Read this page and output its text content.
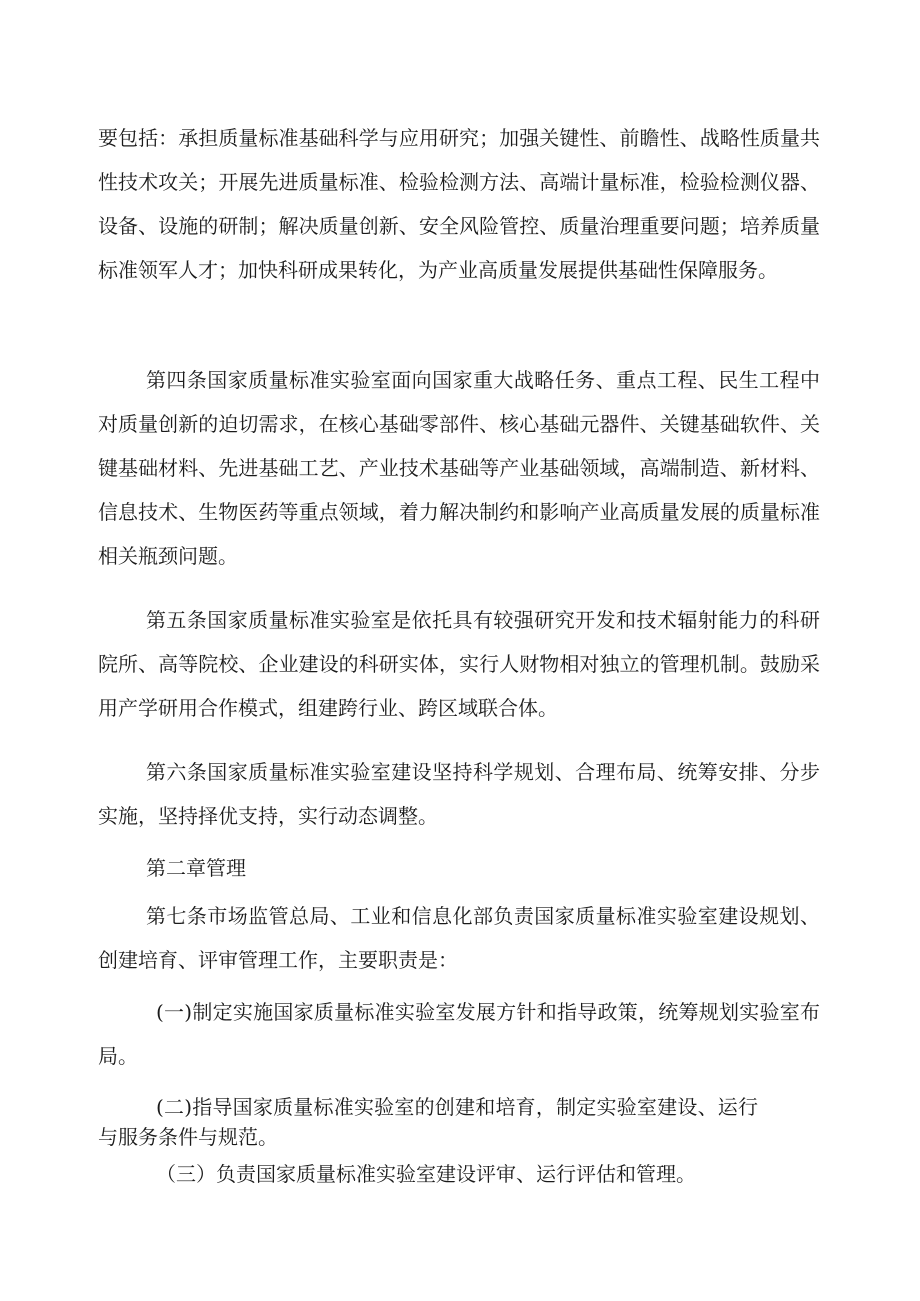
要包括：承担质量标准基础科学与应用研究；加强关键性、前瞻性、战略性质量共性技术攻关；开展先进质量标准、检验检测方法、高端计量标准，检验检测仪器、设备、设施的研制；解决质量创新、安全风险管控、质量治理重要问题；培养质量标准领军人才；加快科研成果转化，为产业高质量发展提供基础性保障服务。

第四条国家质量标准实验室面向国家重大战略任务、重点工程、民生工程中对质量创新的迫切需求，在核心基础零部件、核心基础元器件、关键基础软件、关键基础材料、先进基础工艺、产业技术基础等产业基础领域，高端制造、新材料、信息技术、生物医药等重点领域，着力解决制约和影响产业高质量发展的质量标准相关瓶颈问题。

第五条国家质量标准实验室是依托具有较强研究开发和技术辐射能力的科研院所、高等院校、企业建设的科研实体，实行人财物相对独立的管理机制。鼓励采用产学研用合作模式，组建跨行业、跨区域联合体。

第六条国家质量标准实验室建设坚持科学规划、合理布局、统筹安排、分步实施，坚持择优支持，实行动态调整。

第二章管理

第七条市场监管总局、工业和信息化部负责国家质量标准实验室建设规划、创建培育、评审管理工作，主要职责是：

(一)制定实施国家质量标准实验室发展方针和指导政策，统筹规划实验室布局。

(二)指导国家质量标准实验室的创建和培育，制定实验室建设、运行与服务条件与规范。

（三）负责国家质量标准实验室建设评审、运行评估和管理。
